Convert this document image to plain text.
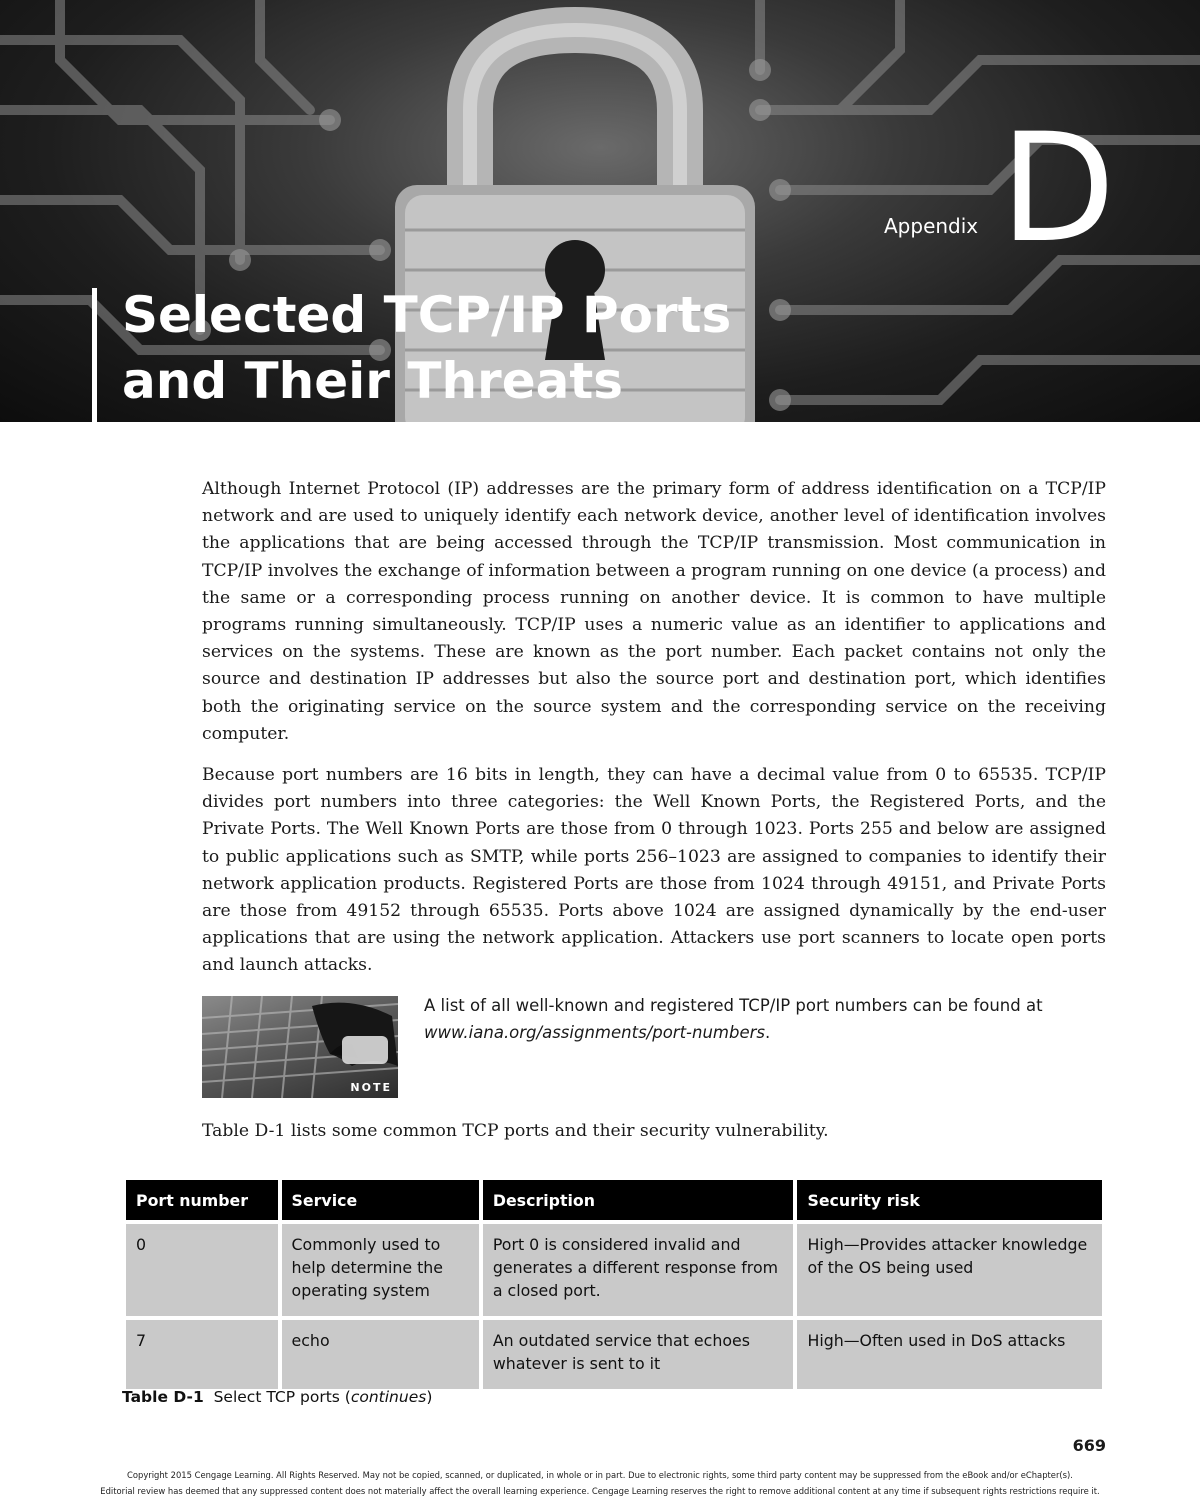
Appendix D
Selected TCP/IP Ports
and Their Threats

Although Internet Protocol (IP) addresses are the primary form of address identification on a TCP/IP network and are used to uniquely identify each network device, another level of identification involves the applications that are being accessed through the TCP/IP transmission. Most communication in TCP/IP involves the exchange of information between a program running on one device (a process) and the same or a corresponding process running on another device. It is common to have multiple programs running simultaneously. TCP/IP uses a numeric value as an identifier to applications and services on the systems. These are known as the port number. Each packet contains not only the source and destination IP addresses but also the source port and destination port, which identifies both the originating service on the source system and the corresponding service on the receiving computer.

Because port numbers are 16 bits in length, they can have a decimal value from 0 to 65535. TCP/IP divides port numbers into three categories: the Well Known Ports, the Registered Ports, and the Private Ports. The Well Known Ports are those from 0 through 1023. Ports 255 and below are assigned to public applications such as SMTP, while ports 256–1023 are assigned to companies to identify their network application products. Registered Ports are those from 1024 through 49151, and Private Ports are those from 49152 through 65535. Ports above 1024 are assigned dynamically by the end-user applications that are using the network application. Attackers use port scanners to locate open ports and launch attacks.

NOTE

A list of all well-known and registered TCP/IP port numbers can be found at www.iana.org/assignments/port-numbers.

Table D-1 lists some common TCP ports and their security vulnerability.

Port number	Service	Description	Security risk
0	Commonly used to help determine the operating system	Port 0 is considered invalid and generates a different response from a closed port.	High—Provides attacker knowledge of the OS being used
7	echo	An outdated service that echoes whatever is sent to it	High—Often used in DoS attacks
Table D-1 Select TCP ports (continues)
669
Copyright 2015 Cengage Learning. All Rights Reserved. May not be copied, scanned, or duplicated, in whole or in part. Due to electronic rights, some third party content may be suppressed from the eBook and/or eChapter(s).
Editorial review has deemed that any suppressed content does not materially affect the overall learning experience. Cengage Learning reserves the right to remove additional content at any time if subsequent rights restrictions require it.
